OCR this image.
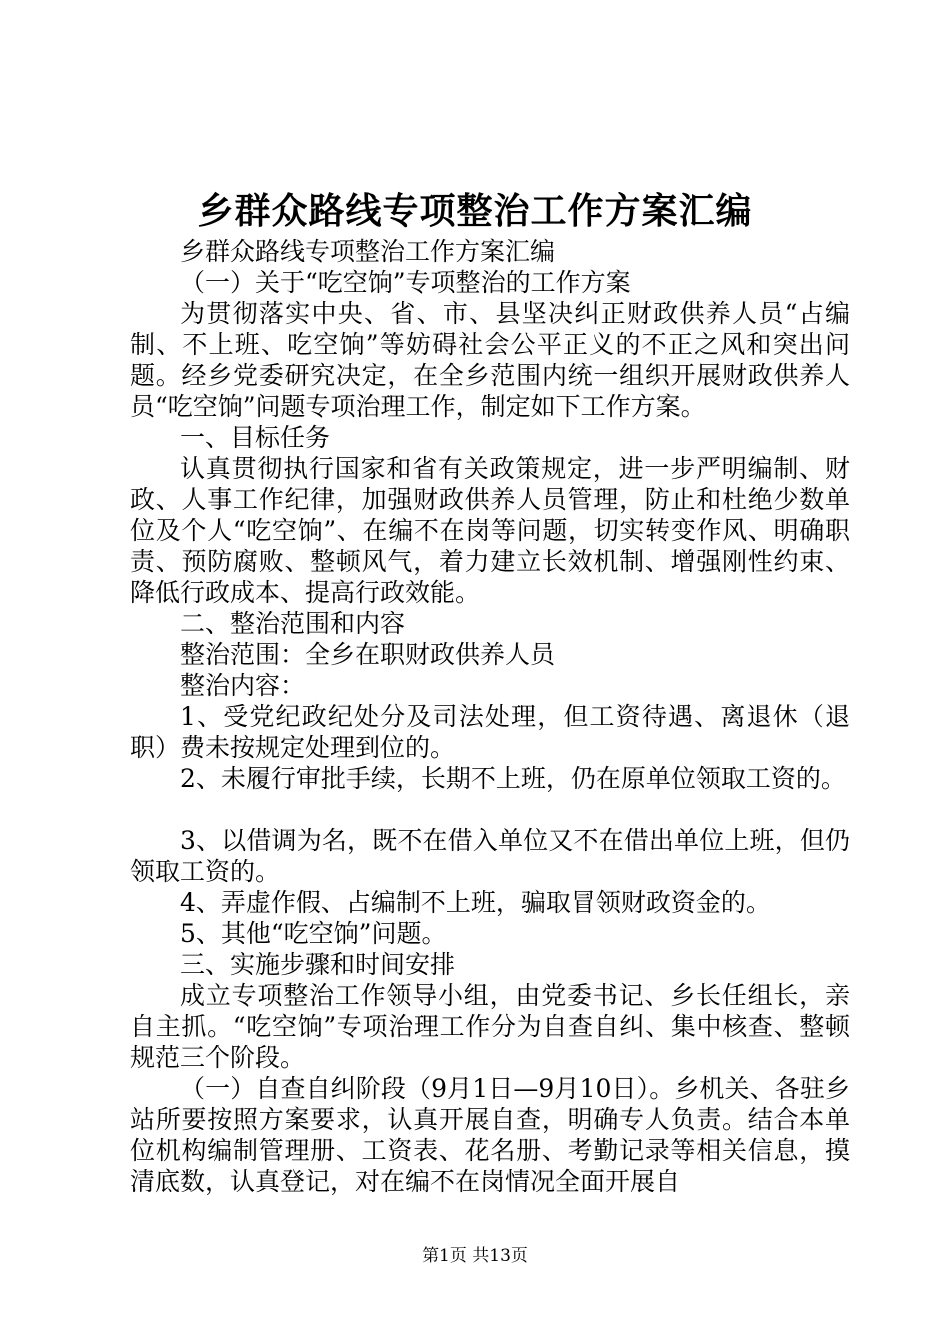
乡群众路线专项整治工作方案汇编

乡群众路线专项整治工作方案汇编

（一）关于“吃空饷”专项整治的工作方案

为贯彻落实中央、省、市、县坚决纠正财政供养人员“占编制、不上班、吃空饷”等妨碍社会公平正义的不正之风和突出问题。经乡党委研究决定，在全乡范围内统一组织开展财政供养人员“吃空饷”问题专项治理工作，制定如下工作方案。

一、目标任务

认真贯彻执行国家和省有关政策规定，进一步严明编制、财政、人事工作纪律，加强财政供养人员管理，防止和杜绝少数单位及个人“吃空饷”、在编不在岗等问题，切实转变作风、明确职责、预防腐败、整顿风气，着力建立长效机制、增强刚性约束、降低行政成本、提高行政效能。

二、整治范围和内容

整治范围：全乡在职财政供养人员

整治内容：

1、受党纪政纪处分及司法处理，但工资待遇、离退休（退职）费未按规定处理到位的。

2、未履行审批手续，长期不上班，仍在原单位领取工资的。

3、以借调为名，既不在借入单位又不在借出单位上班，但仍领取工资的。

4、弄虚作假、占编制不上班，骗取冒领财政资金的。

5、其他“吃空饷”问题。

三、实施步骤和时间安排

成立专项整治工作领导小组，由党委书记、乡长任组长，亲自主抓。“吃空饷”专项治理工作分为自查自纠、集中核查、整顿规范三个阶段。

（一）自查自纠阶段（9月1日—9月10日）。乡机关、各驻乡站所要按照方案要求，认真开展自查，明确专人负责。结合本单位机构编制管理册、工资表、花名册、考勤记录等相关信息，摸清底数，认真登记，对在编不在岗情况全面开展自

第1页 共13页
